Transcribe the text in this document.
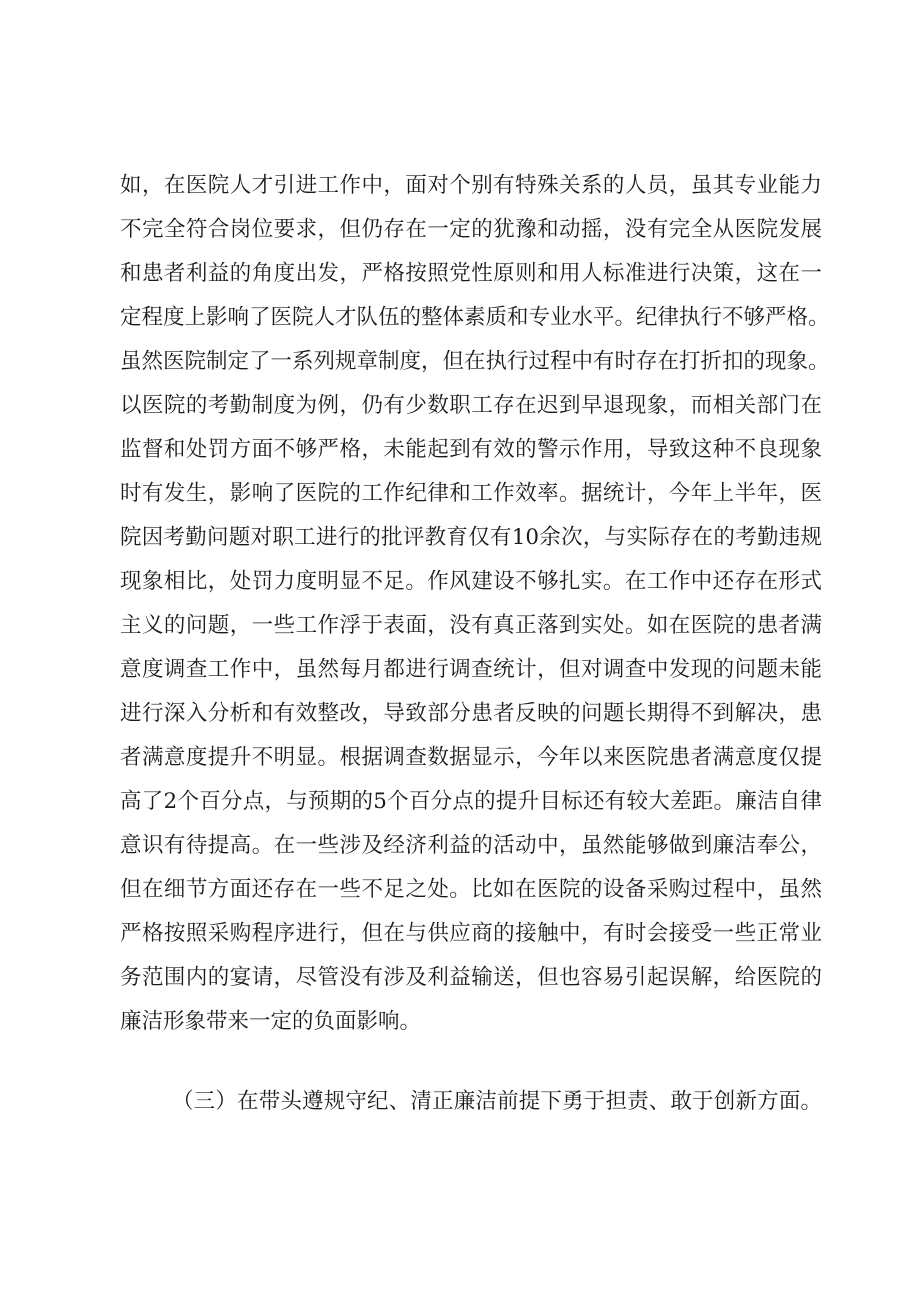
如，在医院人才引进工作中，面对个别有特殊关系的人员，虽其专业能力
不完全符合岗位要求，但仍存在一定的犹豫和动摇，没有完全从医院发展
和患者利益的角度出发，严格按照党性原则和用人标准进行决策，这在一
定程度上影响了医院人才队伍的整体素质和专业水平。纪律执行不够严格。
虽然医院制定了一系列规章制度，但在执行过程中有时存在打折扣的现象。
以医院的考勤制度为例，仍有少数职工存在迟到早退现象，而相关部门在
监督和处罚方面不够严格，未能起到有效的警示作用，导致这种不良现象
时有发生，影响了医院的工作纪律和工作效率。据统计，今年上半年，医
院因考勤问题对职工进行的批评教育仅有10余次，与实际存在的考勤违规
现象相比，处罚力度明显不足。作风建设不够扎实。在工作中还存在形式
主义的问题，一些工作浮于表面，没有真正落到实处。如在医院的患者满
意度调查工作中，虽然每月都进行调查统计，但对调查中发现的问题未能
进行深入分析和有效整改，导致部分患者反映的问题长期得不到解决，患
者满意度提升不明显。根据调查数据显示，今年以来医院患者满意度仅提
高了2个百分点，与预期的5个百分点的提升目标还有较大差距。廉洁自律
意识有待提高。在一些涉及经济利益的活动中，虽然能够做到廉洁奉公，
但在细节方面还存在一些不足之处。比如在医院的设备采购过程中，虽然
严格按照采购程序进行，但在与供应商的接触中，有时会接受一些正常业
务范围内的宴请，尽管没有涉及利益输送，但也容易引起误解，给医院的
廉洁形象带来一定的负面影响。
（三）在带头遵规守纪、清正廉洁前提下勇于担责、敢于创新方面。
